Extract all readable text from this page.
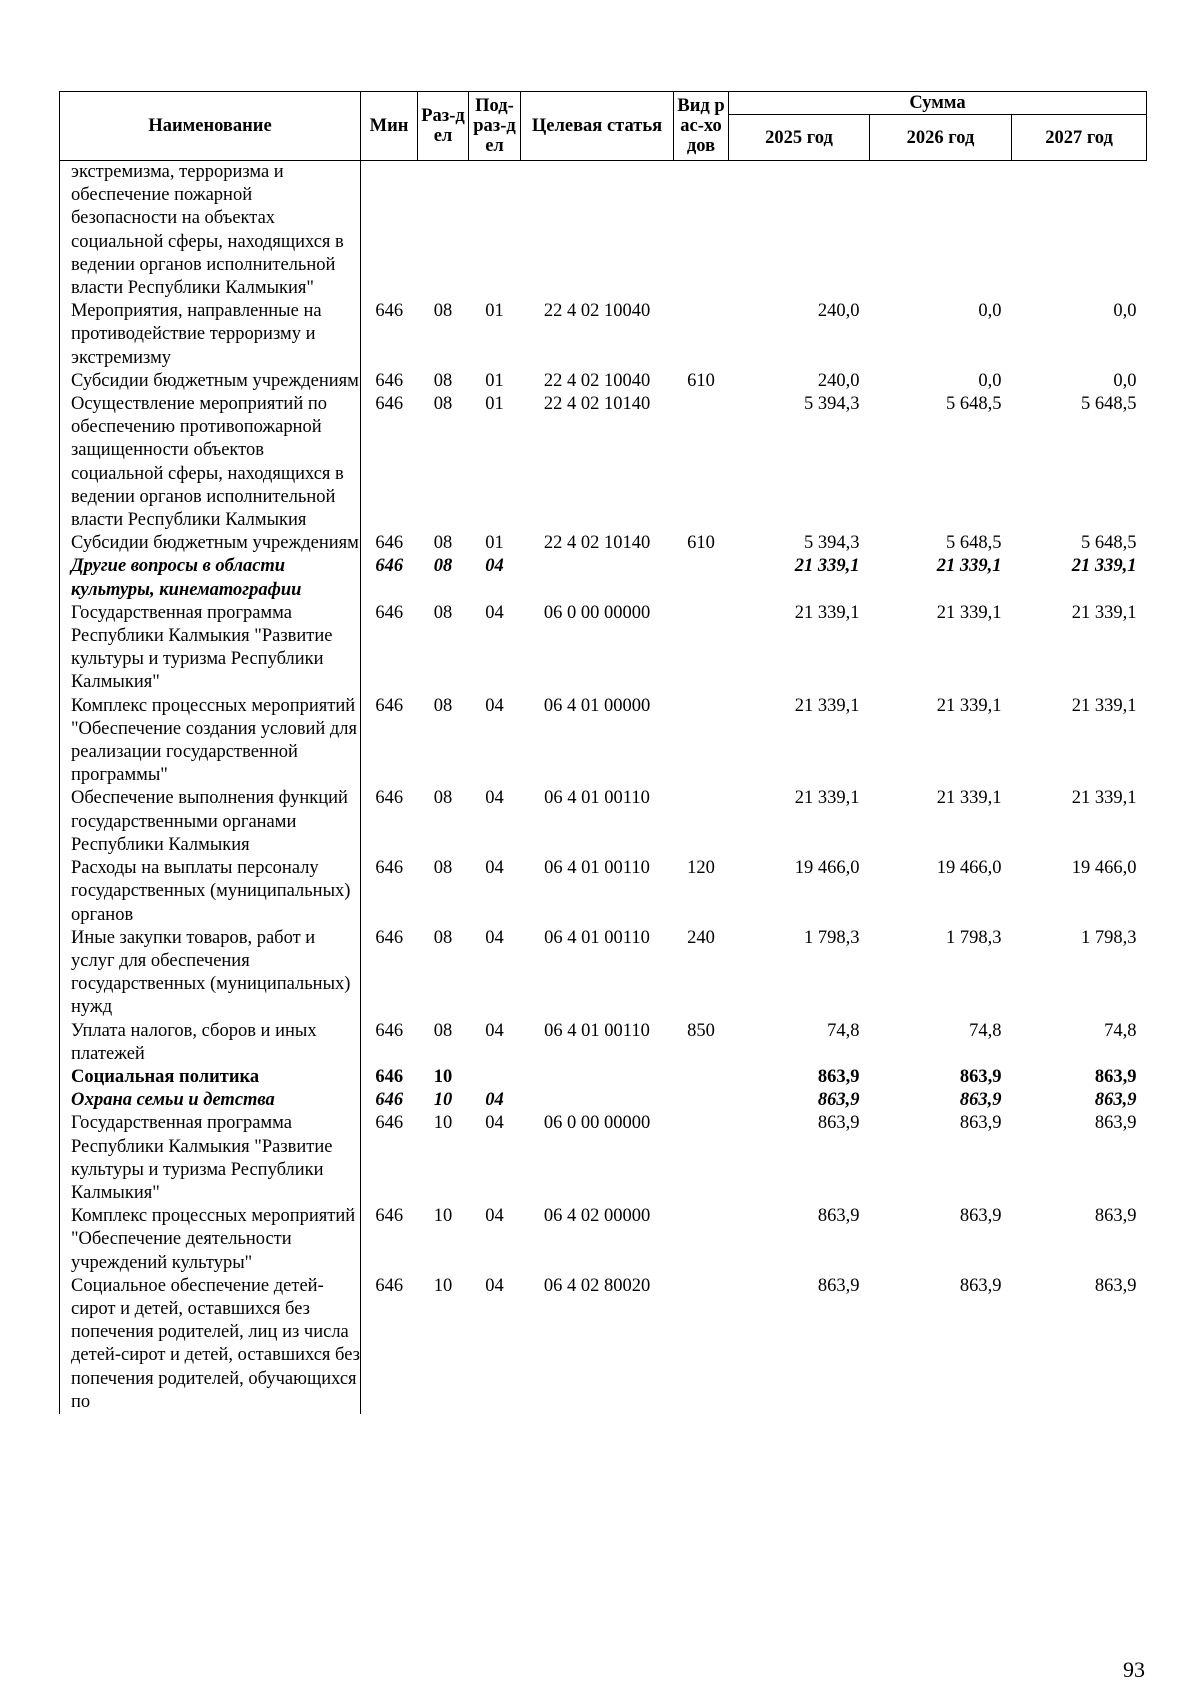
Наименование	Мин	Раз-дел	Под-раз-дел	Целевая статья	Вид рас-ходов	Сумма		
						2025 год	2026 год	2027 год
экстремизма, терроризма и обеспечение пожарной безопасности на объектах социальной сферы, находящихся в ведении органов исполнительной власти Республики Калмыкия"								
Мероприятия, направленные на противодействие терроризму и экстремизму	646	08	01	22 4 02 10040		240,0	0,0	0,0
Субсидии бюджетным учреждениям	646	08	01	22 4 02 10040	610	240,0	0,0	0,0
Осуществление мероприятий по обеспечению противопожарной защищенности объектов социальной сферы, находящихся в ведении органов исполнительной власти Республики Калмыкия	646	08	01	22 4 02 10140		5 394,3	5 648,5	5 648,5
Субсидии бюджетным учреждениям	646	08	01	22 4 02 10140	610	5 394,3	5 648,5	5 648,5
Другие вопросы в области культуры, кинематографии	646	08	04			21 339,1	21 339,1	21 339,1
Государственная программа Республики Калмыкия "Развитие культуры и туризма Республики Калмыкия"	646	08	04	06 0 00 00000		21 339,1	21 339,1	21 339,1
Комплекс процессных мероприятий "Обеспечение создания условий для реализации государственной программы"	646	08	04	06 4 01 00000		21 339,1	21 339,1	21 339,1
Обеспечение выполнения функций государственными органами Республики Калмыкия	646	08	04	06 4 01 00110		21 339,1	21 339,1	21 339,1
Расходы на выплаты персоналу государственных (муниципальных) органов	646	08	04	06 4 01 00110	120	19 466,0	19 466,0	19 466,0
Иные закупки товаров, работ и услуг для обеспечения государственных (муниципальных) нужд	646	08	04	06 4 01 00110	240	1 798,3	1 798,3	1 798,3
Уплата налогов, сборов и иных платежей	646	08	04	06 4 01 00110	850	74,8	74,8	74,8
Социальная политика	646	10				863,9	863,9	863,9
Охрана семьи и детства	646	10	04			863,9	863,9	863,9
Государственная программа Республики Калмыкия "Развитие культуры и туризма Республики Калмыкия"	646	10	04	06 0 00 00000		863,9	863,9	863,9
Комплекс процессных мероприятий "Обеспечение деятельности учреждений культуры"	646	10	04	06 4 02 00000		863,9	863,9	863,9
Социальное обеспечение детей-сирот и детей, оставшихся без попечения родителей, лиц из числа детей-сирот и детей, оставшихся без попечения родителей, обучающихся по	646	10	04	06 4 02 80020		863,9	863,9	863,9
93
